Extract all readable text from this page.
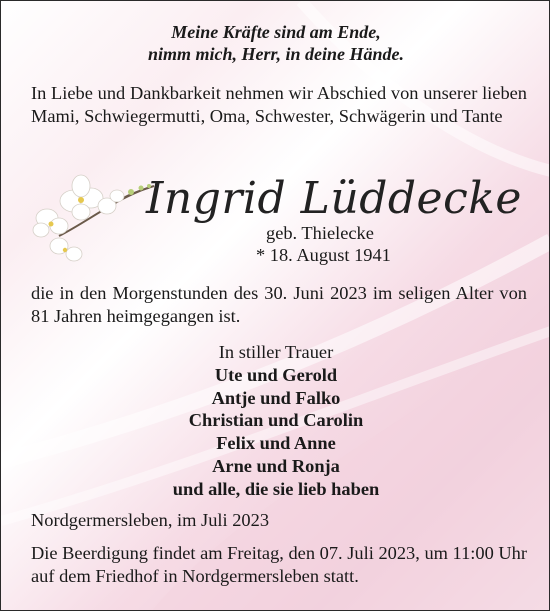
Meine Kräfte sind am Ende,
nimm mich, Herr, in deine Hände.
In Liebe und Dankbarkeit nehmen wir Abschied von unserer lieben Mami, Schwiegermutti, Oma, Schwester, Schwägerin und Tante
Ingrid Lüddecke
geb. Thielecke
* 18. August 1941
die in den Morgenstunden des 30. Juni 2023 im seligen Alter von 81 Jahren heimgegangen ist.
In stiller Trauer
Ute und Gerold
Antje und Falko
Christian und Carolin
Felix und Anne
Arne und Ronja
und alle, die sie lieb haben
Nordgermersleben, im Juli 2023
Die Beerdigung findet am Freitag, den 07. Juli 2023, um 11:00 Uhr auf dem Friedhof in Nordgermersleben statt.
